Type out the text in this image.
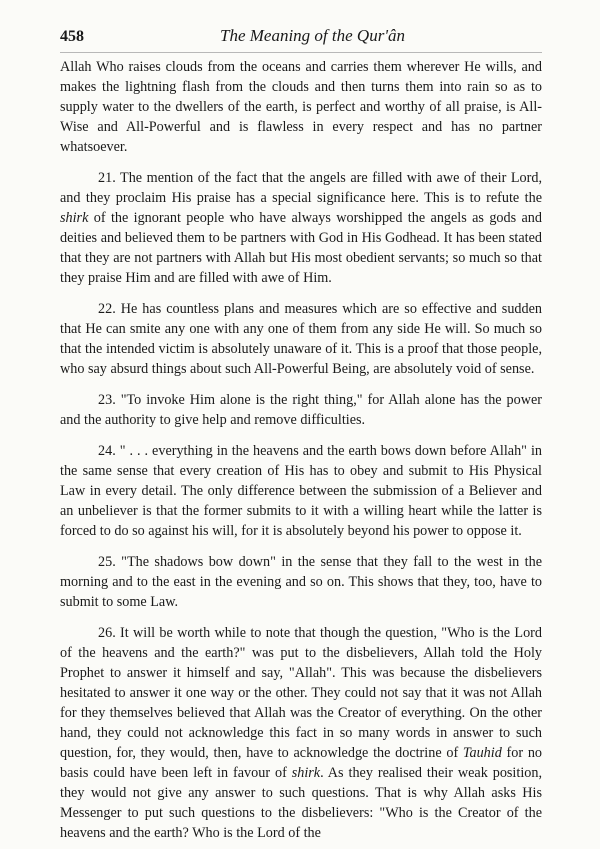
458	The Meaning of the Qur'ân

Allah Who raises clouds from the oceans and carries them wherever He wills, and makes the lightning flash from the clouds and then turns them into rain so as to supply water to the dwellers of the earth, is perfect and worthy of all praise, is All-Wise and All-Powerful and is flawless in every respect and has no partner whatsoever.

21. The mention of the fact that the angels are filled with awe of their Lord, and they proclaim His praise has a special significance here. This is to refute the shirk of the ignorant people who have always worshipped the angels as gods and deities and believed them to be partners with God in His Godhead. It has been stated that they are not partners with Allah but His most obedient servants; so much so that they praise Him and are filled with awe of Him.

22. He has countless plans and measures which are so effective and sudden that He can smite any one with any one of them from any side He will. So much so that the intended victim is absolutely unaware of it. This is a proof that those people, who say absurd things about such All-Powerful Being, are absolutely void of sense.

23. "To invoke Him alone is the right thing," for Allah alone has the power and the authority to give help and remove difficulties.

24. " . . . everything in the heavens and the earth bows down before Allah" in the same sense that every creation of His has to obey and submit to His Physical Law in every detail. The only difference between the submission of a Believer and an unbeliever is that the former submits to it with a willing heart while the latter is forced to do so against his will, for it is absolutely beyond his power to oppose it.

25. "The shadows bow down" in the sense that they fall to the west in the morning and to the east in the evening and so on. This shows that they, too, have to submit to some Law.

26. It will be worth while to note that though the question, "Who is the Lord of the heavens and the earth?" was put to the disbelievers, Allah told the Holy Prophet to answer it himself and say, "Allah". This was because the disbelievers hesitated to answer it one way or the other. They could not say that it was not Allah for they themselves believed that Allah was the Creator of everything. On the other hand, they could not acknowledge this fact in so many words in answer to such question, for, they would, then, have to acknowledge the doctrine of Tauhid for no basis could have been left in favour of shirk. As they realised their weak position, they would not give any answer to such questions. That is why Allah asks His Messenger to put such questions to the disbelievers: "Who is the Creator of the heavens and the earth? Who is the Lord of the
